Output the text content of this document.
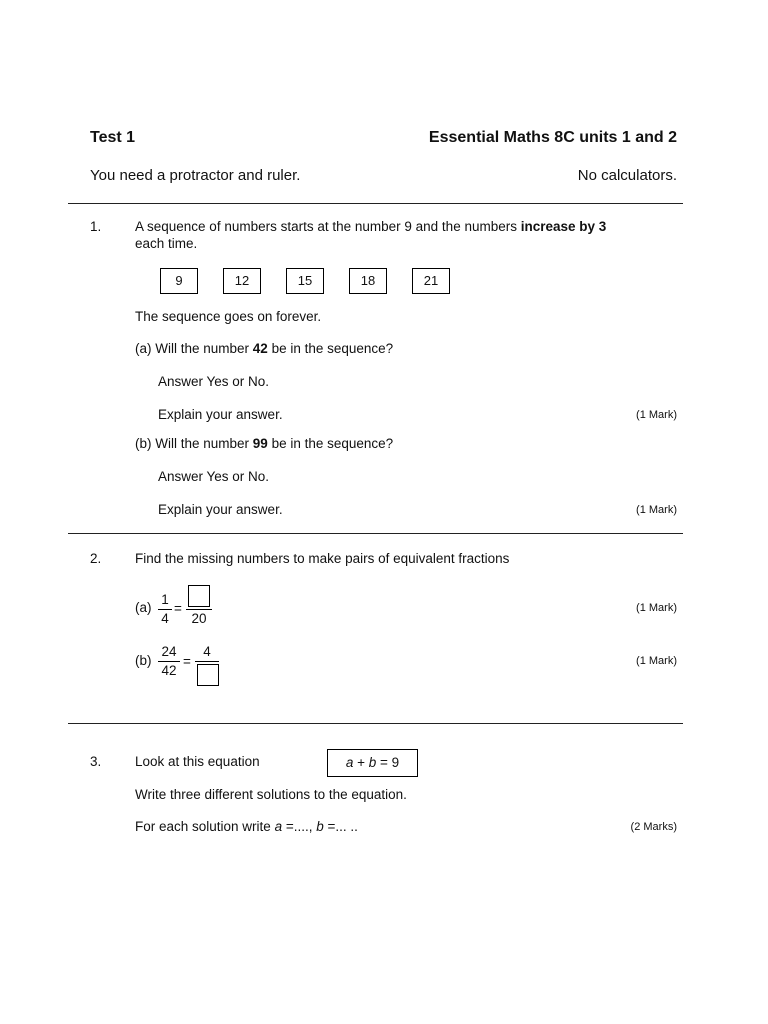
Test 1	Essential Maths 8C units 1 and 2
You need a protractor and ruler.	No calculators.
1. A sequence of numbers starts at the number 9 and the numbers increase by 3
each time.
9	12	15	18	21
The sequence goes on forever.
(a) Will the number 42 be in the sequence?
Answer Yes or No.
Explain your answer.	(1 Mark)
(b) Will the number 99 be in the sequence?
Answer Yes or No.
Explain your answer.	(1 Mark)
2. Find the missing numbers to make pairs of equivalent fractions
(a)
1
4
=
20
(1 Mark)
(b)
24
42
=
4
(1 Mark)
3. Look at this equation	a + b = 9
Write three different solutions to the equation.
For each solution write a =...., b =... ..	(2 Marks)
